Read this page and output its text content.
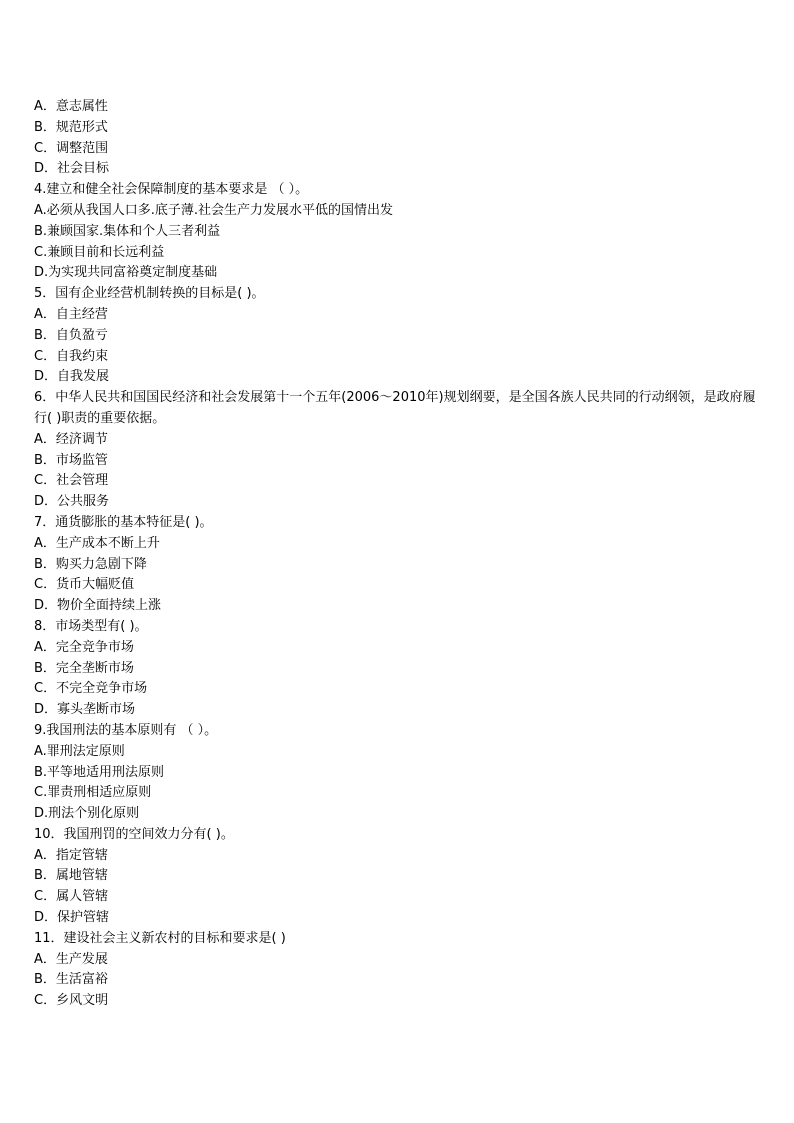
A．意志属性
B．规范形式
C．调整范围
D．社会目标
4.建立和健全社会保障制度的基本要求是 （ ）。
A.必须从我国人口多.底子薄.社会生产力发展水平低的国情出发
B.兼顾国家.集体和个人三者利益
C.兼顾目前和长远利益
D.为实现共同富裕奠定制度基础
5．国有企业经营机制转换的目标是( )。
A．自主经营
B．自负盈亏
C．自我约束
D．自我发展
6．中华人民共和国国民经济和社会发展第十一个五年(2006～2010年)规划纲要，是全国各族人民共同的行动纲领，是政府履行( )职责的重要依据。
A．经济调节
B．市场监管
C．社会管理
D．公共服务
7．通货膨胀的基本特征是( )。
A．生产成本不断上升
B．购买力急剧下降
C．货币大幅贬值
D．物价全面持续上涨
8．市场类型有( )。
A．完全竞争市场
B．完全垄断市场
C．不完全竞争市场
D．寡头垄断市场
9.我国刑法的基本原则有 （ ）。
A.罪刑法定原则
B.平等地适用刑法原则
C.罪责刑相适应原则
D.刑法个别化原则
10．我国刑罚的空间效力分有( )。
A．指定管辖
B．属地管辖
C．属人管辖
D．保护管辖
11．建设社会主义新农村的目标和要求是( )
A．生产发展
B．生活富裕
C．乡风文明
